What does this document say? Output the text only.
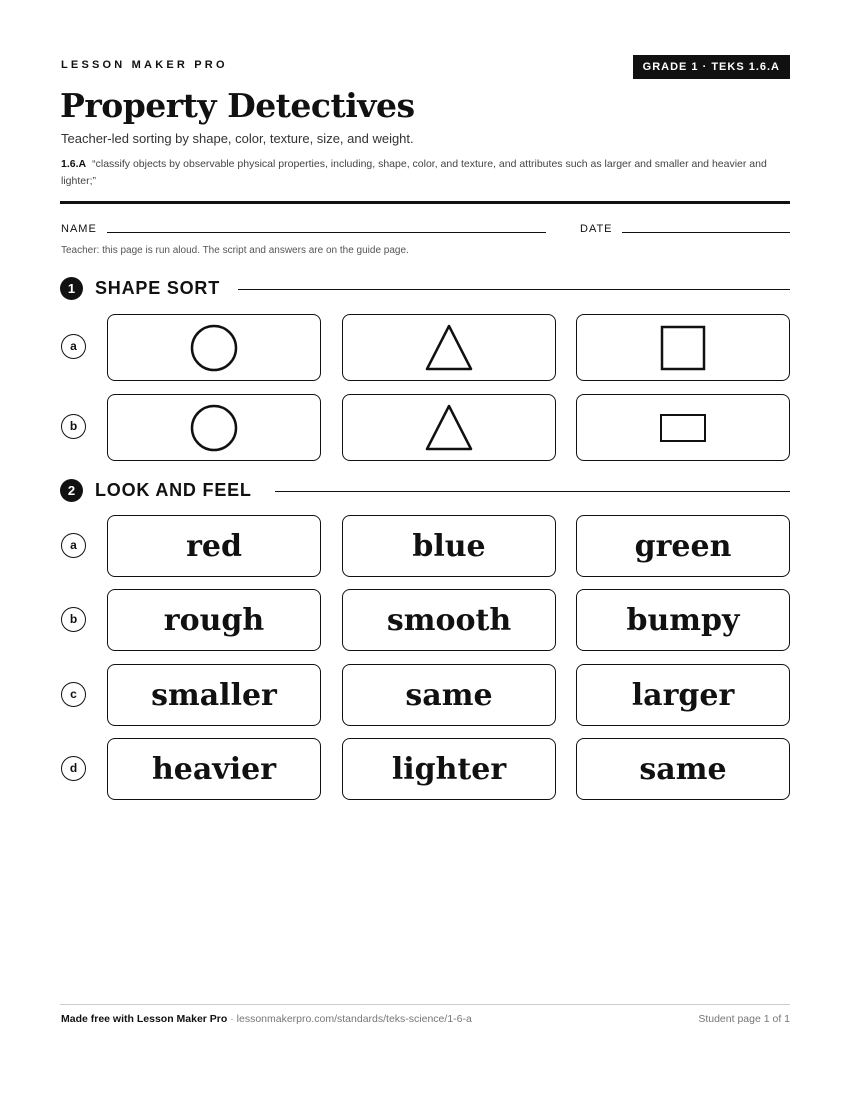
LESSON MAKER PRO	GRADE 1 · TEKS 1.6.A
Property Detectives
Teacher-led sorting by shape, color, texture, size, and weight.
1.6.A “classify objects by observable physical properties, including, shape, color, and texture, and attributes such as larger and smaller and heavier and lighter;”
NAME	DATE
Teacher: this page is run aloud. The script and answers are on the guide page.
1	SHAPE SORT
a
b
2	LOOK AND FEEL
a	red	blue	green
b	rough	smooth	bumpy
c	smaller	same	larger
d heavier	lighter	same
Made free with Lesson Maker Pro · lessonmakerpro.com/standards/teks-science/1-6-a	Student page 1 of 1
